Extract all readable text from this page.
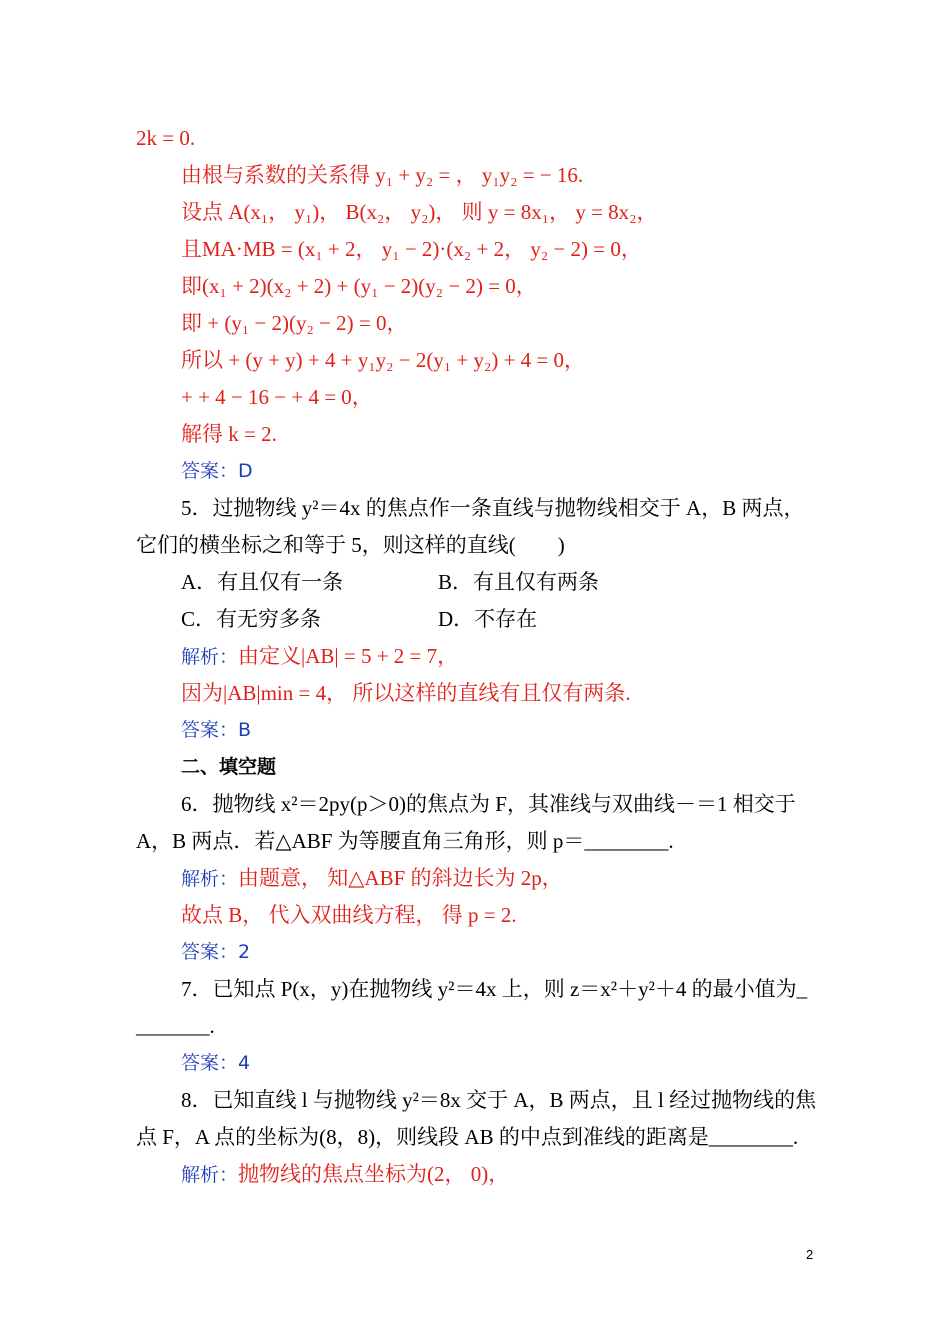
2k = 0.
由根与系数的关系得 y₁ + y₂ = ， y₁y₂ = − 16.
设点 A(x₁， y₁)， B(x₂， y₂)， 则 y = 8x₁， y = 8x₂，
且MA·MB = (x₁ + 2， y₁ − 2)·(x₂ + 2， y₂ − 2) = 0，
即(x₁ + 2)(x₂ + 2) + (y₁ − 2)(y₂ − 2) = 0，
即 + (y₁ − 2)(y₂ − 2) = 0，
所以 + (y + y) + 4 + y₁y₂ − 2(y₁ + y₂) + 4 = 0，
+ + 4 − 16 − + 4 = 0，
解得 k = 2.
答案：D
5．过抛物线 y²＝4x 的焦点作一条直线与抛物线相交于 A，B 两点，
它们的横坐标之和等于 5，则这样的直线(　　)
A．有且仅有一条	B．有且仅有两条
C．有无穷多条	D．不存在
解析：由定义|AB| = 5 + 2 = 7，
因为|AB|min = 4， 所以这样的直线有且仅有两条.
答案：B
二、填空题
6．抛物线 x²＝2py(p＞0)的焦点为 F，其准线与双曲线－＝1 相交于
A，B 两点．若△ABF 为等腰直角三角形，则 p＝________.
解析：由题意， 知△ABF 的斜边长为 2p，
故点 B， 代入双曲线方程， 得 p = 2.
答案：2
7．已知点 P(x，y)在抛物线 y²＝4x 上，则 z＝x²＋y²＋4 的最小值为_
_______.
答案：4
8．已知直线 l 与抛物线 y²＝8x 交于 A，B 两点，且 l 经过抛物线的焦
点 F，A 点的坐标为(8，8)，则线段 AB 的中点到准线的距离是________.
解析：抛物线的焦点坐标为(2， 0)，
2
